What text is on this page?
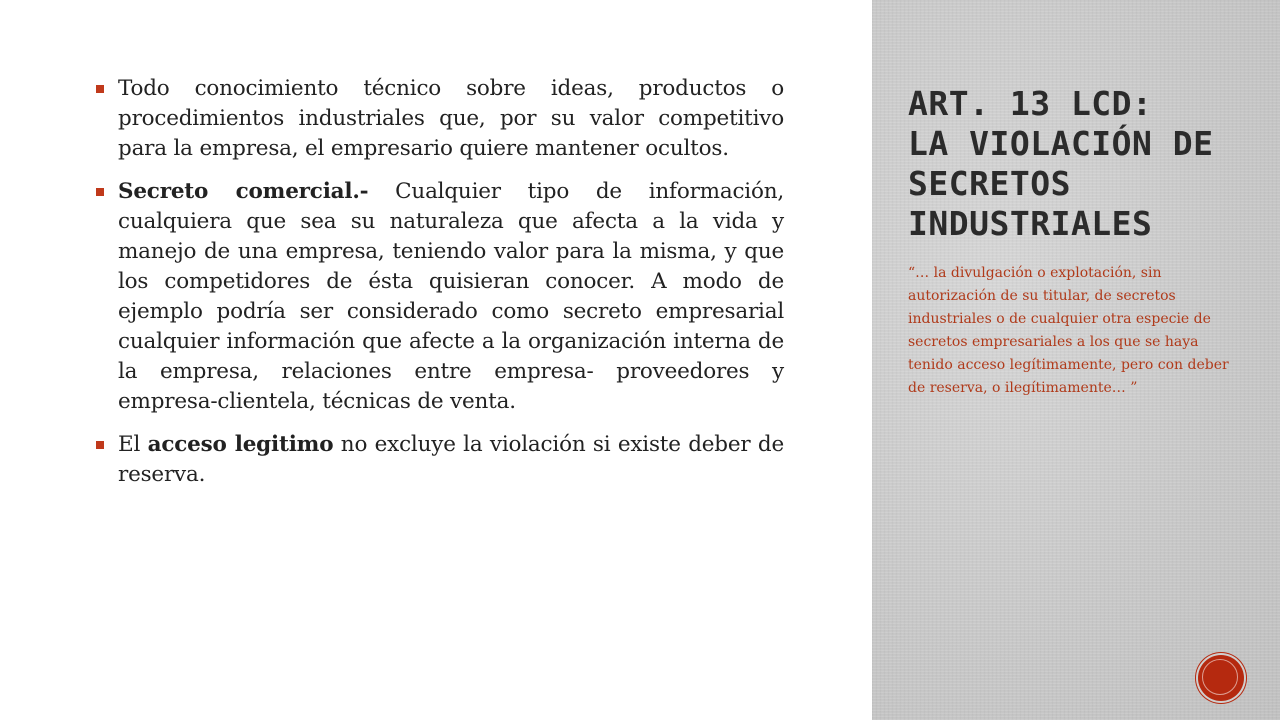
Todo conocimiento técnico sobre ideas, productos o procedimientos industriales que, por su valor competitivo para la empresa, el empresario quiere mantener ocultos.
Secreto comercial.- Cualquier tipo de información, cualquiera que sea su naturaleza que afecta a la vida y manejo de una empresa, teniendo valor para la misma, y que los competidores de ésta quisieran conocer. A modo de ejemplo podría ser considerado como secreto empresarial cualquier información que afecte a la organización interna de la empresa, relaciones entre empresa- proveedores y empresa-clientela, técnicas de venta.
El acceso legitimo no excluye la violación si existe deber de reserva.
ART. 13 LCD:
LA VIOLACIÓN DE
SECRETOS
INDUSTRIALES
“… la divulgación o explotación, sin autorización de su titular, de secretos industriales o de cualquier otra especie de secretos empresariales a los que se haya tenido acceso legítimamente, pero con deber de reserva, o ilegítimamente… ”
